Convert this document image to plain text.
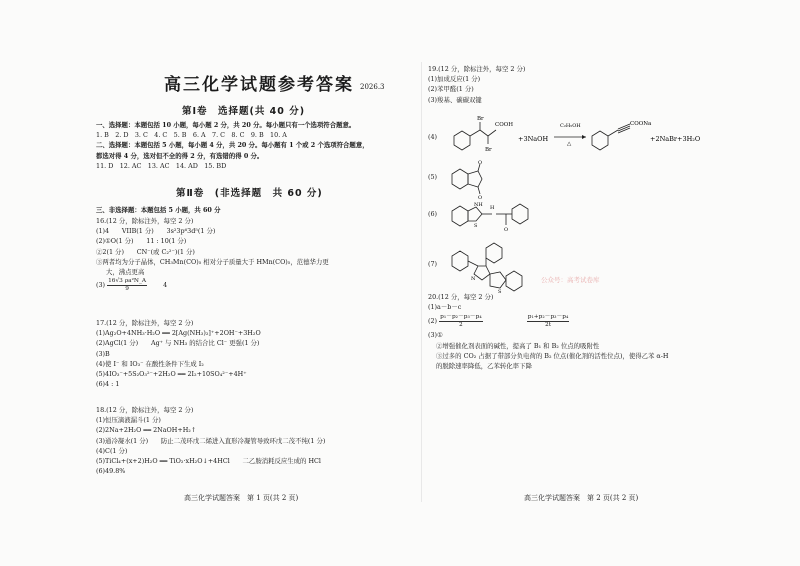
高三化学试题参考答案 2026.3
第Ⅰ卷　选择题(共 40 分)
一、选择题：本题包括 10 小题，每小题 2 分，共 20 分。每小题只有一个选项符合题意。
1. B　2. D　3. C　4. C　5. B　6. A　7. C　8. C　9. B　10. A
二、选择题：本题包括 5 小题，每小题 4 分，共 20 分。每小题有 1 个或 2 个选项符合题意，
都选对得 4 分，选对但不全的得 2 分，有选错的得 0 分。
11. D　12. AC　13. AC　14. AD　15. BD
第Ⅱ卷　(非选择题　共 60 分)
三、非选择题：本题包括 5 小题，共 60 分
16.(12 分，除标注外，每空 2 分)
(1)4　　VIIB(1 分)　　3s²3p⁶3d⁵(1 分)
(2)①O(1 分)　　11 : 10(1 分)
②2(1 分)　　CN⁻(或 C₂²⁻)(1 分)
③两者均为分子晶体，CH₃Mn(CO)₅ 相对分子质量大于 HMn(CO)₅，范德华力更
大，沸点更高
$(3) \frac{\text{16√3 ρa²N\_A}}{9}$	4
17.(12 分，除标注外，每空 2 分)
(1)Ag₂O+4NH₃·H₂O ══ 2[Ag(NH₃)₂]⁺+2OH⁻+3H₂O
(2)AgCl(1 分)　　Ag⁺ 与 NH₃ 的结合比 Cl⁻ 更强(1 分)
(3)B
(4)使 I⁻ 和 IO₃⁻ 在酸性条件下生成 I₂
(5)4IO₃⁻+5S₂O₃²⁻+2H₂O ══ 2I₂+10SO₄²⁻+4H⁺
(6)4 : 1
18.(12 分，除标注外，每空 2 分)
(1)恒压滴液漏斗(1 分)
(2)2Na+2H₂O ══ 2NaOH+H₂↑
(3)通冷凝水(1 分)　　防止二茂环戊二烯进入直形冷凝管导致环戊二茂不纯(1 分)
(4)C(1 分)
(5)TiCl₄+(x+2)H₂O ══ TiO₂·xH₂O↓+4HCl　　二乙胺消耗反应生成的 HCl
(6)49.8%
19.(12 分，除标注外，每空 2 分)
(1)加成反应(1 分)
(2)苯甲醛(1 分)
(3)羧基、碳碳双键
(4)
(5)
(6)
(7)
Br
Br
COOH
+3NaOH
C₂H₅OH
△
COONa
+2NaBr+3H₂O
O
O
NH
S
H
O
N
S
公众号：高考试卷库
20.(12 分，每空 2 分)
(1)a－b－c
$(2) \frac{\text{p₁－p₂－p₃－p₄}}{2}$
	$\frac{\text{p₁+p₂－p₃－p₄}}{2t}$
(3)①
②增强催化剂表面的碱性，提高了 B₁ 和 B₂ 位点的吸附性
③过多的 CO₂ 占据了带部分负电荷的 B₂ 位点(催化剂的活性位点)，使得乙苯 α-H
的脱除速率降低，乙苯转化率下降
高三化学试题答案　第 1 页(共 2 页)	高三化学试题答案　第 2 页(共 2 页)
